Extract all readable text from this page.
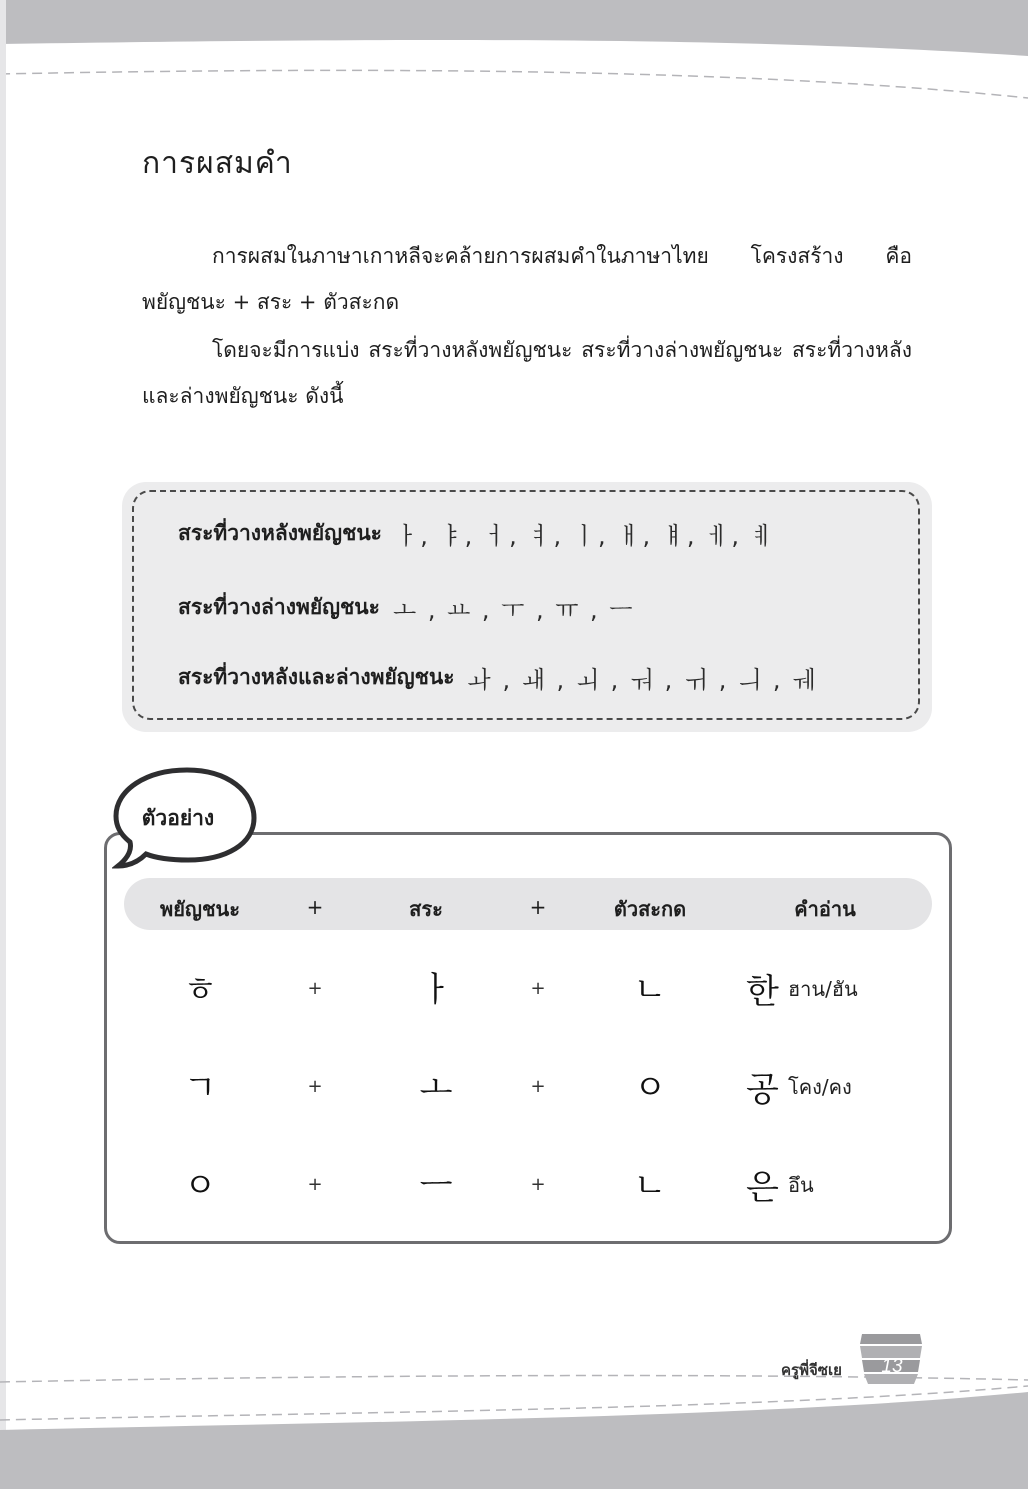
การผสมคำ

การผสมในภาษาเกาหลีจะคล้ายการผสมคำในภาษาไทย โครงสร้าง คือ พยัญชนะ + สระ + ตัวสะกด

โดยจะมีการแบ่ง สระที่วางหลังพยัญชนะ สระที่วางล่างพยัญชนะ สระที่วางหลังและล่างพยัญชนะ ดังนี้

สระที่วางหลังพยัญชนะ ㅏ, ㅑ, ㅓ, ㅕ, ㅣ, ㅐ, ㅒ, ㅔ, ㅖ
สระที่วางล่างพยัญชนะ ㅗ , ㅛ , ㅜ , ㅠ , ㅡ
สระที่วางหลังและล่างพยัญชนะ ㅘ , ㅙ , ㅚ , ㅝ , ㅟ , ㅢ , ㅞ
ตัวอย่าง
พยัญชนะ	+	สระ	+	ตัวสะกด	คำอ่าน
ㅎ	+	ㅏ	+	ㄴ	한 ฮาน/ฮัน
ㄱ	+	ㅗ	+	ㅇ	공 โคง/คง
ㅇ	+	ㅡ	+	ㄴ	은 อึน
ครูพี่จีซเย 13
